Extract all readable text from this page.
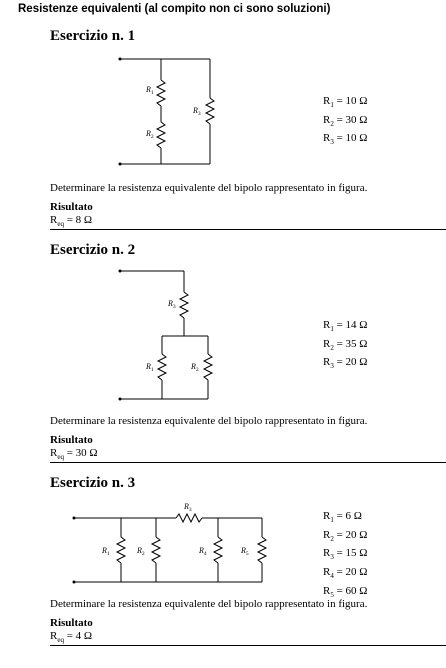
Resistenze equivalenti (al compito non ci sono soluzioni)
Esercizio n. 1
$R_1$
$R_2$
$R_3$
$R_1 = 10$ Ω
$R_2 = 30$ Ω
$R_3 = 10$ Ω
Determinare la resistenza equivalente del bipolo rappresentato in figura.
Risultato
$R_{eq} = 8$ Ω
Esercizio n. 2
$R_3$
$R_1$	$R_2$
$R_1 = 14$ Ω
$R_2 = 35$ Ω
$R_3 = 20$ Ω
Determinare la resistenza equivalente del bipolo rappresentato in figura.
Risultato
$R_{eq} = 30$ Ω
Esercizio n. 3
$R_3$
$R_1$	$R_2$	$R_4$	$R_5$
$R_1 = 6$ Ω
$R_2 = 20$ Ω
$R_3 = 15$ Ω
$R_4 = 20$ Ω
$R_5 = 60$ Ω
Determinare la resistenza equivalente del bipolo rappresentato in figura.
Risultato
$R_{eq} = 4$ Ω
